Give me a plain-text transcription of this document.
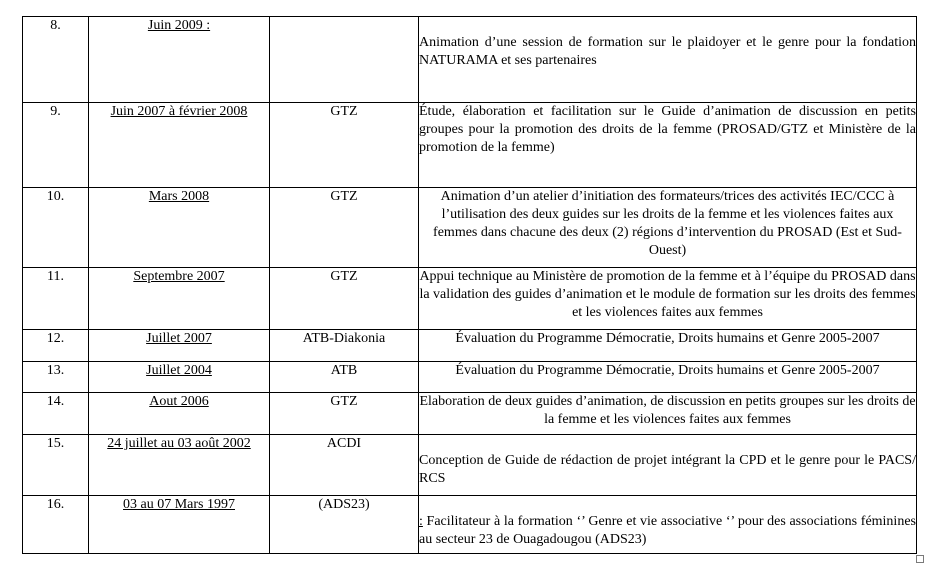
8.	Juin 2009 :		Animation d’une session de formation sur le plaidoyer et le genre pour la fondation NATURAMA et ses partenaires
9.	Juin 2007 à février 2008	GTZ	Étude, élaboration et facilitation sur le Guide d’animation de discussion en petits groupes pour la promotion des droits de la femme (PROSAD/GTZ et Ministère de la promotion de la femme)
10.	Mars 2008	GTZ	Animation d’un atelier d’initiation des formateurs/trices des activités IEC/CCC à l’utilisation des deux guides sur les droits de la femme et les violences faites aux femmes dans chacune des deux (2) régions d’intervention du PROSAD (Est et Sud-Ouest)
11.	Septembre 2007	GTZ	Appui technique au Ministère de promotion de la femme et à l’équipe du PROSAD dans la validation des guides d’animation et le module de formation sur les droits des femmes et les violences faites aux femmes
12.	Juillet 2007	ATB-Diakonia	Évaluation du Programme Démocratie, Droits humains et Genre 2005-2007
13.	Juillet 2004	ATB	Évaluation du Programme Démocratie, Droits humains et Genre 2005-2007
14.	Aout 2006	GTZ	Elaboration de deux guides d’animation, de discussion en petits groupes sur les droits de la femme et les violences faites aux femmes
15.	24 juillet au 03 août 2002	ACDI	Conception de Guide de rédaction de projet intégrant la CPD et le genre pour le PACS/ RCS
16.	03 au 07 Mars 1997	(ADS23)	: Facilitateur à la formation ‘’ Genre et vie associative ‘’ pour des associations féminines au secteur 23 de Ouagadougou (ADS23)
